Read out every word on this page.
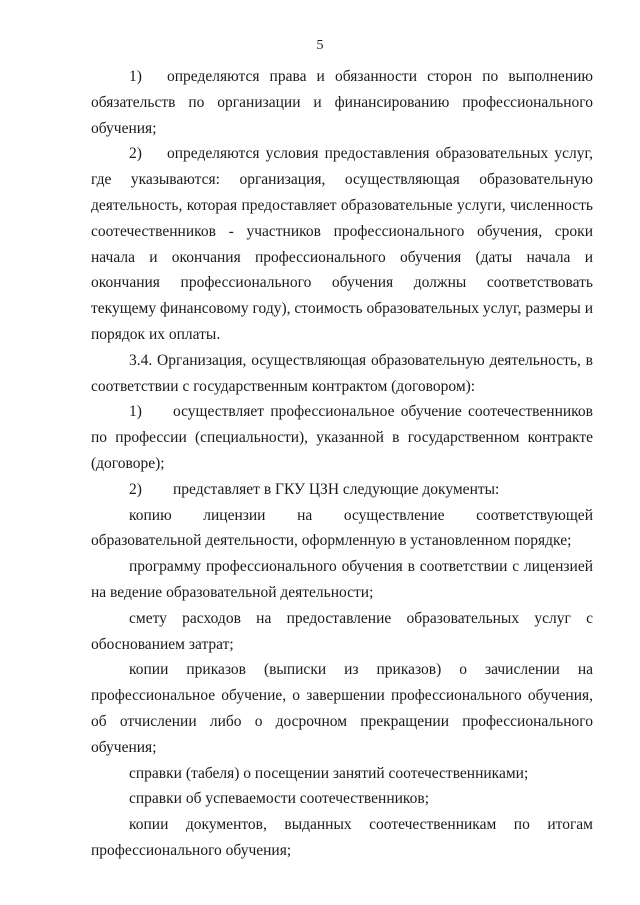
5

1) определяются права и обязанности сторон по выполнению обязательств по организации и финансированию профессионального обучения;

2) определяются условия предоставления образовательных услуг, где указываются: организация, осуществляющая образовательную деятельность, которая предоставляет образовательные услуги, численность соотечественников - участников профессионального обучения, сроки начала и окончания профессионального обучения (даты начала и окончания профессионального обучения должны соответствовать текущему финансовому году), стоимость образовательных услуг, размеры и порядок их оплаты.

3.4. Организация, осуществляющая образовательную деятельность, в соответствии с государственным контрактом (договором):

1) осуществляет профессиональное обучение соотечественников по профессии (специальности), указанной в государственном контракте (договоре);

2) представляет в ГКУ ЦЗН следующие документы:

копию лицензии на осуществление соответствующей образовательной деятельности, оформленную в установленном порядке;

программу профессионального обучения в соответствии с лицензией на ведение образовательной деятельности;

смету расходов на предоставление образовательных услуг с обоснованием затрат;

копии приказов (выписки из приказов) о зачислении на профессиональное обучение, о завершении профессионального обучения, об отчислении либо о досрочном прекращении профессионального обучения;

справки (табеля) о посещении занятий соотечественниками;

справки об успеваемости соотечественников;

копии документов, выданных соотечественникам по итогам профессионального обучения;
